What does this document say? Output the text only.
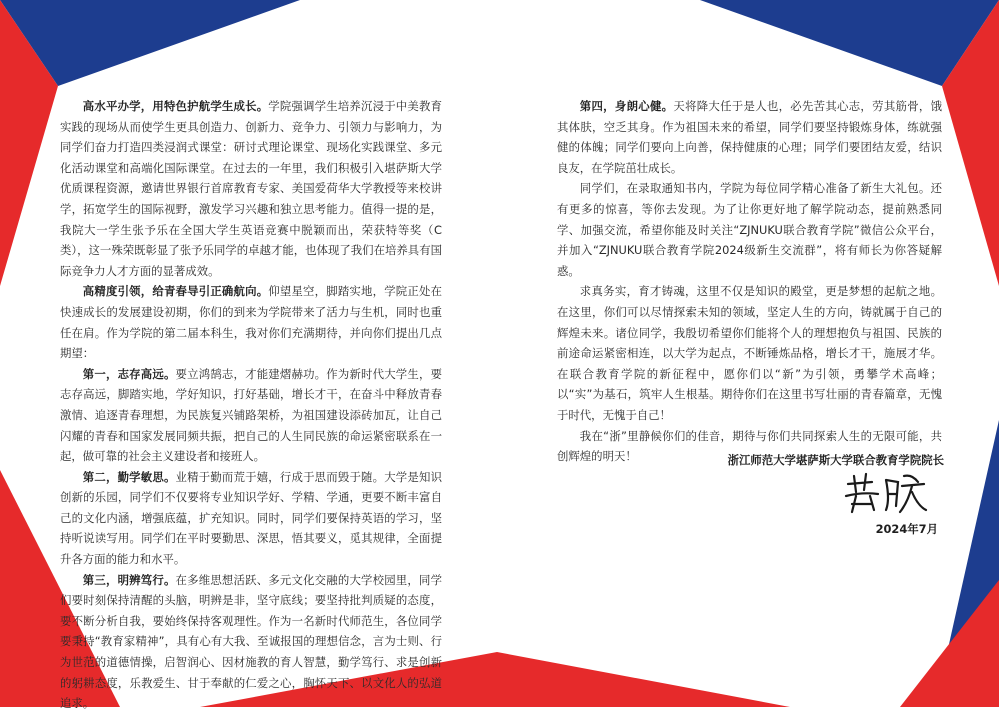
高水平办学，用特色护航学生成长。学院强调学生培养沉浸于中美教育实践的现场从而使学生更具创造力、创新力、竞争力、引领力与影响力，为同学们奋力打造四类浸润式课堂：研讨式理论课堂、现场化实践课堂、多元化活动课堂和高端化国际课堂。在过去的一年里，我们积极引入堪萨斯大学优质课程资源，邀请世界银行首席教育专家、美国爱荷华大学教授等来校讲学，拓宽学生的国际视野，激发学习兴趣和独立思考能力。值得一提的是，我院大一学生张予乐在全国大学生英语竞赛中脱颖而出，荣获特等奖（C类），这一殊荣既彰显了张予乐同学的卓越才能，也体现了我们在培养具有国际竞争力人才方面的显著成效。

高精度引领，给青春导引正确航向。仰望星空，脚踏实地，学院正处在快速成长的发展建设初期，你们的到来为学院带来了活力与生机，同时也重任在肩。作为学院的第二届本科生，我对你们充满期待，并向你们提出几点期望：

第一，志存高远。要立鸿鹄志，才能建熠赫功。作为新时代大学生，要志存高远，脚踏实地，学好知识，打好基础，增长才干，在奋斗中释放青春激情、追逐青春理想，为民族复兴铺路架桥，为祖国建设添砖加瓦，让自己闪耀的青春和国家发展同频共振，把自己的人生同民族的命运紧密联系在一起，做可靠的社会主义建设者和接班人。

第二，勤学敏思。业精于勤而荒于嬉，行成于思而毁于随。大学是知识创新的乐园，同学们不仅要将专业知识学好、学精、学通，更要不断丰富自己的文化内涵，增强底蕴，扩充知识。同时，同学们要保持英语的学习，坚持听说读写用。同学们在平时要勤思、深思，悟其要义，觅其规律，全面提升各方面的能力和水平。

第三，明辨笃行。在多维思想活跃、多元文化交融的大学校园里，同学们要时刻保持清醒的头脑，明辨是非，坚守底线；要坚持批判质疑的态度，要不断分析自我，要始终保持客观理性。作为一名新时代师范生，各位同学要秉持“教育家精神”，具有心有大我、至诚报国的理想信念，言为士则、行为世范的道德情操，启智润心、因材施教的育人智慧，勤学笃行、求是创新的躬耕态度，乐教爱生、甘于奉献的仁爱之心，胸怀天下、以文化人的弘道追求。

第四，身朗心健。天将降大任于是人也，必先苦其心志，劳其筋骨，饿其体肤，空乏其身。作为祖国未来的希望，同学们要坚持锻炼身体，练就强健的体魄；同学们要向上向善，保持健康的心理；同学们要团结友爱，结识良友，在学院茁壮成长。

同学们，在录取通知书内，学院为每位同学精心准备了新生大礼包。还有更多的惊喜，等你去发现。为了让你更好地了解学院动态，提前熟悉同学、加强交流，希望你能及时关注“ZJNUKU联合教育学院”微信公众平台，并加入“ZJNUKU联合教育学院2024级新生交流群”，将有师长为你答疑解惑。

求真务实，育才铸魂，这里不仅是知识的殿堂，更是梦想的起航之地。在这里，你们可以尽情探索未知的领域，坚定人生的方向，铸就属于自己的辉煌未来。诸位同学，我殷切希望你们能将个人的理想抱负与祖国、民族的前途命运紧密相连，以大学为起点，不断锤炼品格，增长才干，施展才华。在联合教育学院的新征程中，愿你们以“新”为引领，勇攀学术高峰；以“实”为基石，筑牢人生根基。期待你们在这里书写壮丽的青春篇章，无愧于时代，无愧于自己！

我在“浙”里静候你们的佳音，期待与你们共同探索人生的无限可能，共创辉煌的明天！	浙江师范大学堪萨斯大学联合教育学院院长
2024年7月
